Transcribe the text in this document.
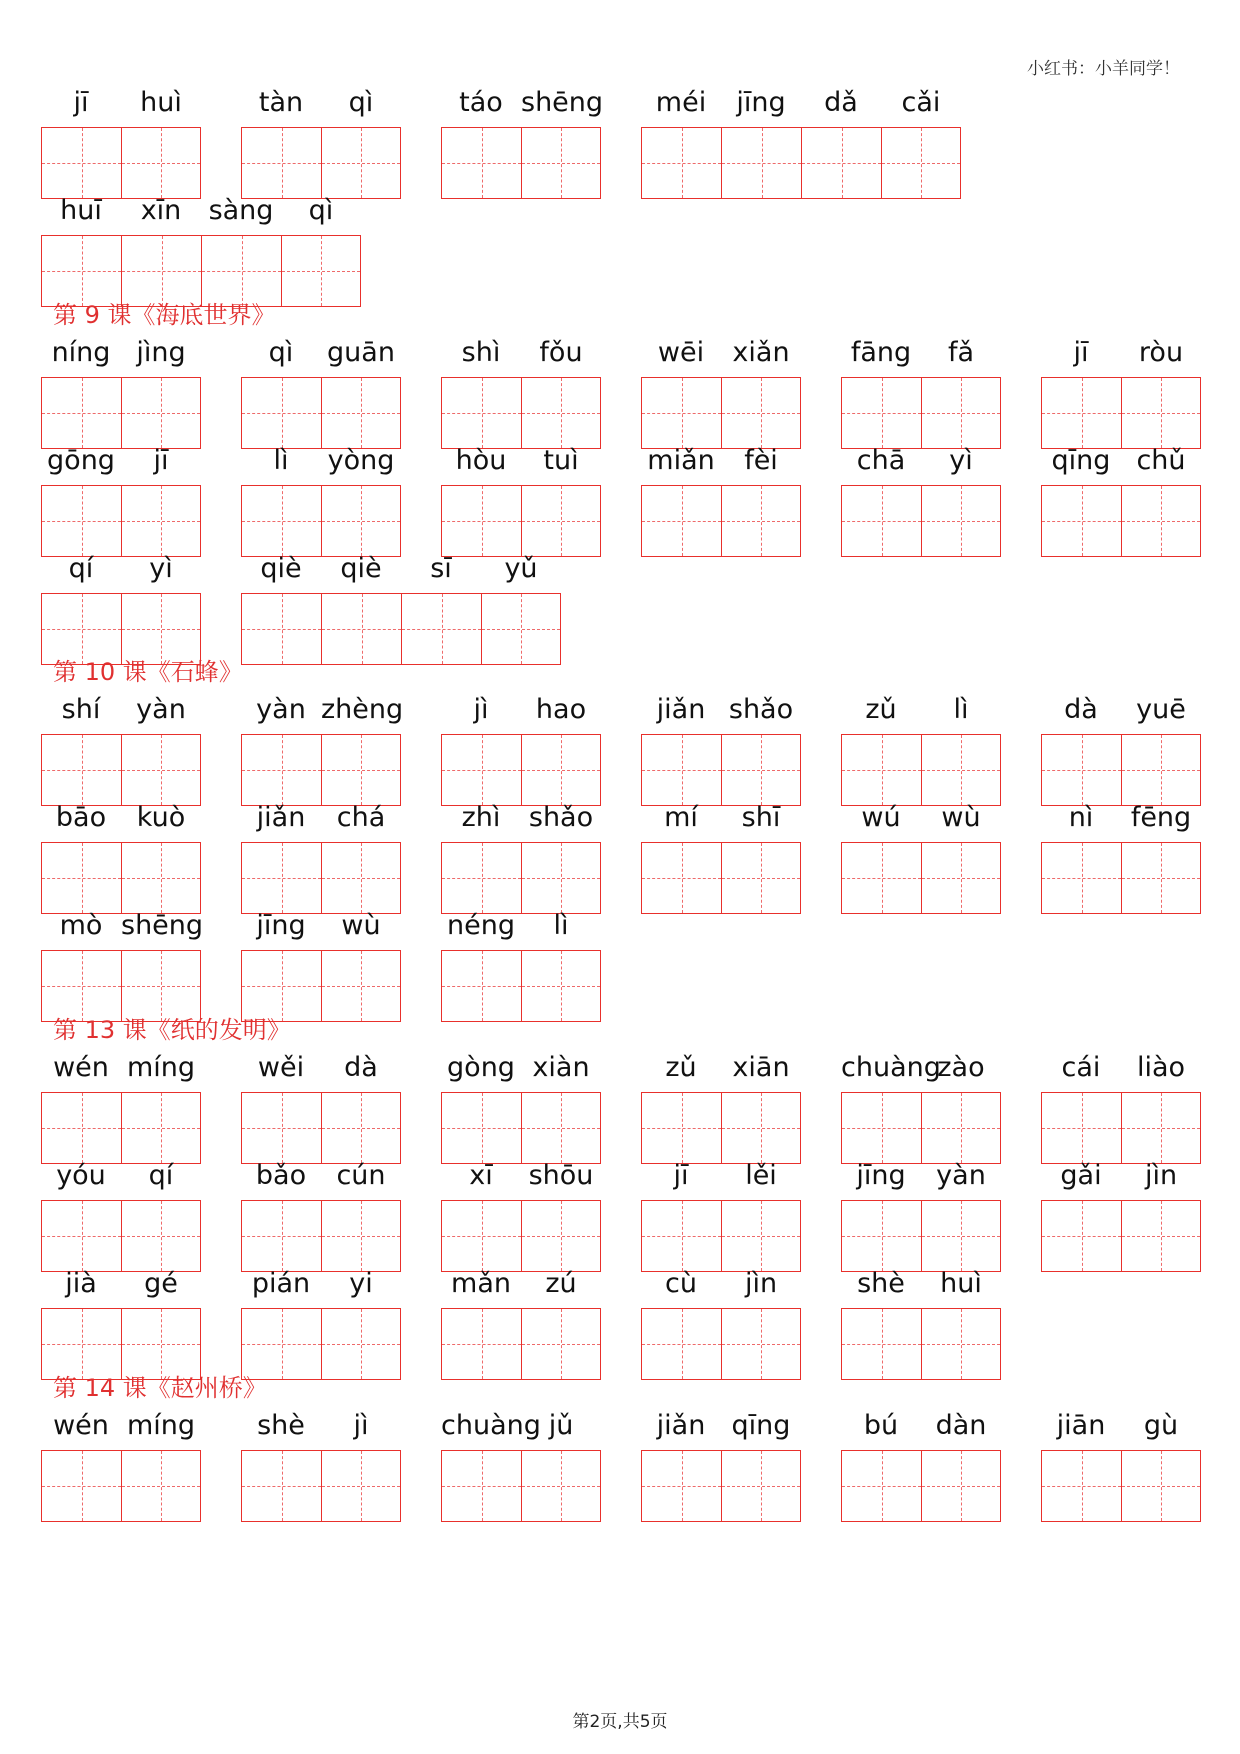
小红书：小羊同学！
jī	huì	tàn	qì	táo shēng	méi	jīng	dǎ	cǎi
huī	xīn	sàng	qì
第 9 课《海底世界》
níng jìng	qì	guān	shì	fǒu	wēi	xiǎn	fāng	fǎ	jī	ròu
gōng	jī	lì	yòng	hòu	tuì	miǎn	fèi	chā	yì	qīng chǔ
qí	yì	qiè	qiè	sī	yǔ
第 10 课《石蜂》
shí	yàn	yàn zhèng	jì	hao	jiǎn shǎo	zǔ	lì	dà	yuē
bāo	kuò	jiǎn	chá	zhì	shǎo	mí	shī	wú	wù	nì	fēng
mò shēng	jīng	wù	néng	lì
第 13 课《纸的发明》
wén míng	wěi	dà	gòng xiàn	zǔ	xiān	chuàng
zào	cái	liào
yóu	qí	bǎo	cún	xī	shōu	jī	lěi	jīng	yàn	gǎi	jìn
jià	gé	pián	yi	mǎn	zú	cù	jìn	shè	huì
第 14 课《赵州桥》
wén míng	shè	jì	chuàng jǔ	jiǎn qīng	bú	dàn	jiān	gù
第2页,共5页
